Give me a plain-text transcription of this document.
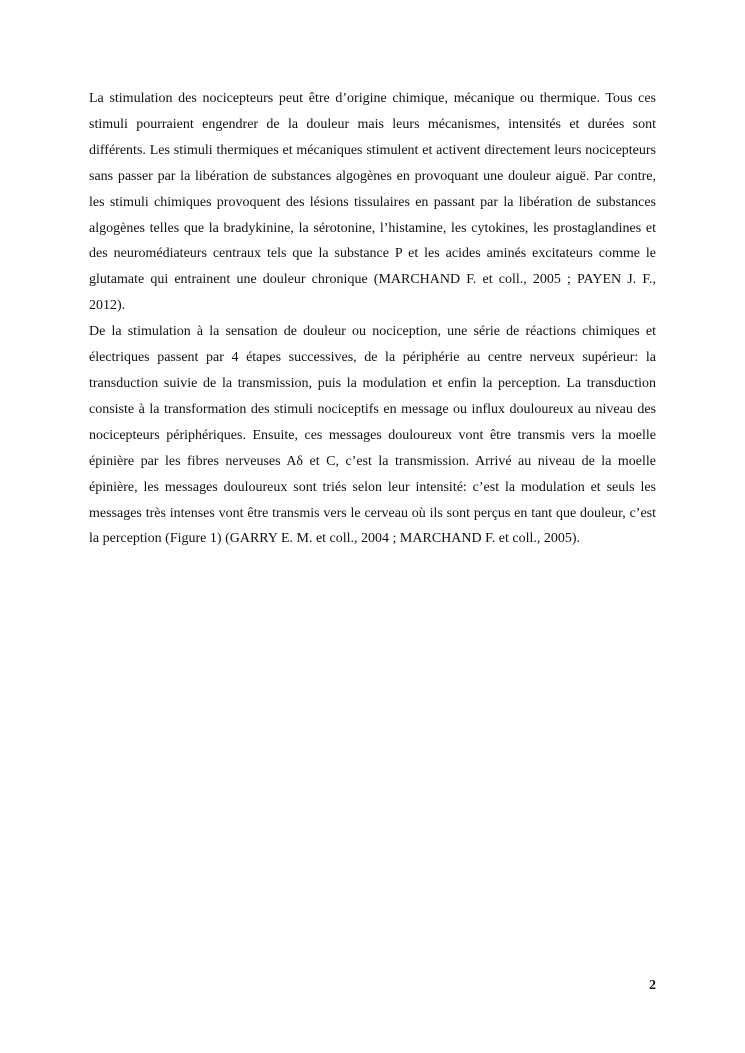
La stimulation des nocicepteurs peut être d’origine chimique, mécanique ou thermique. Tous ces stimuli pourraient engendrer de la douleur mais leurs mécanismes, intensités et durées sont différents. Les stimuli thermiques et mécaniques stimulent et activent directement leurs nocicepteurs sans passer par la libération de substances algogènes en provoquant une douleur aiguë. Par contre, les stimuli chimiques provoquent des lésions tissulaires en passant par la libération de substances algogènes telles que la bradykinine, la sérotonine, l’histamine, les cytokines, les prostaglandines et des neuromédiateurs centraux tels que la substance P et les acides aminés excitateurs comme le glutamate qui entrainent une douleur chronique (MARCHAND F. et coll., 2005 ; PAYEN J. F., 2012).

De la stimulation à la sensation de douleur ou nociception, une série de réactions chimiques et électriques passent par 4 étapes successives, de la périphérie au centre nerveux supérieur: la transduction suivie de la transmission, puis la modulation et enfin la perception. La transduction consiste à la transformation des stimuli nociceptifs en message ou influx douloureux au niveau des nocicepteurs périphériques. Ensuite, ces messages douloureux vont être transmis vers la moelle épinière par les fibres nerveuses Aδ et C, c’est la transmission. Arrivé au niveau de la moelle épinière, les messages douloureux sont triés selon leur intensité: c’est la modulation et seuls les messages très intenses vont être transmis vers le cerveau où ils sont perçus en tant que douleur, c’est la perception (Figure 1) (GARRY E. M. et coll., 2004 ; MARCHAND F. et coll., 2005).

2
